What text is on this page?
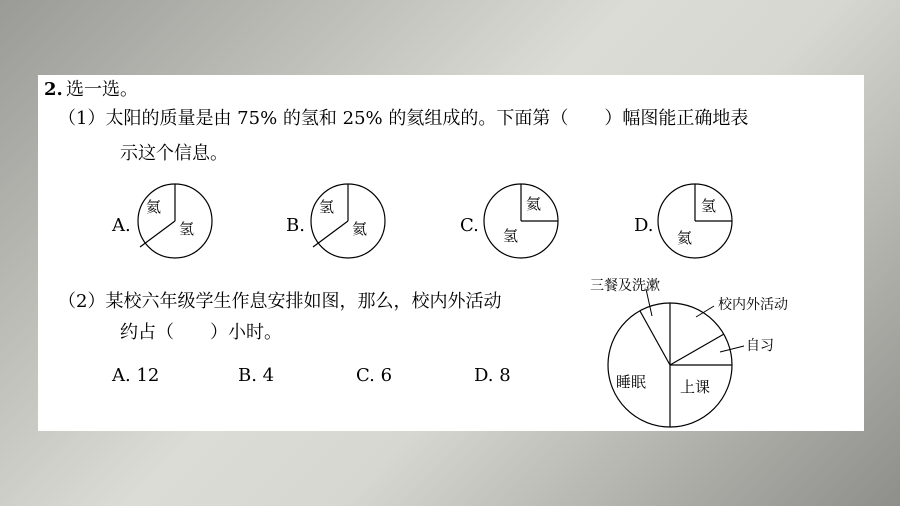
2. 选一选。
（1）太阳的质量是由 75% 的氢和 25% 的氦组成的。下面第（　　）幅图能正确地表
示这个信息。
A.
氦
氢	B.
氢
氦	C.
氦
氢	D.
氢
氦
（2）某校六年级学生作息安排如图，那么，校内外活动
约占（　　）小时。
A. 12	B. 4	C. 6	D. 8
三餐及洗漱
校内外活动
自习
上课
睡眠
